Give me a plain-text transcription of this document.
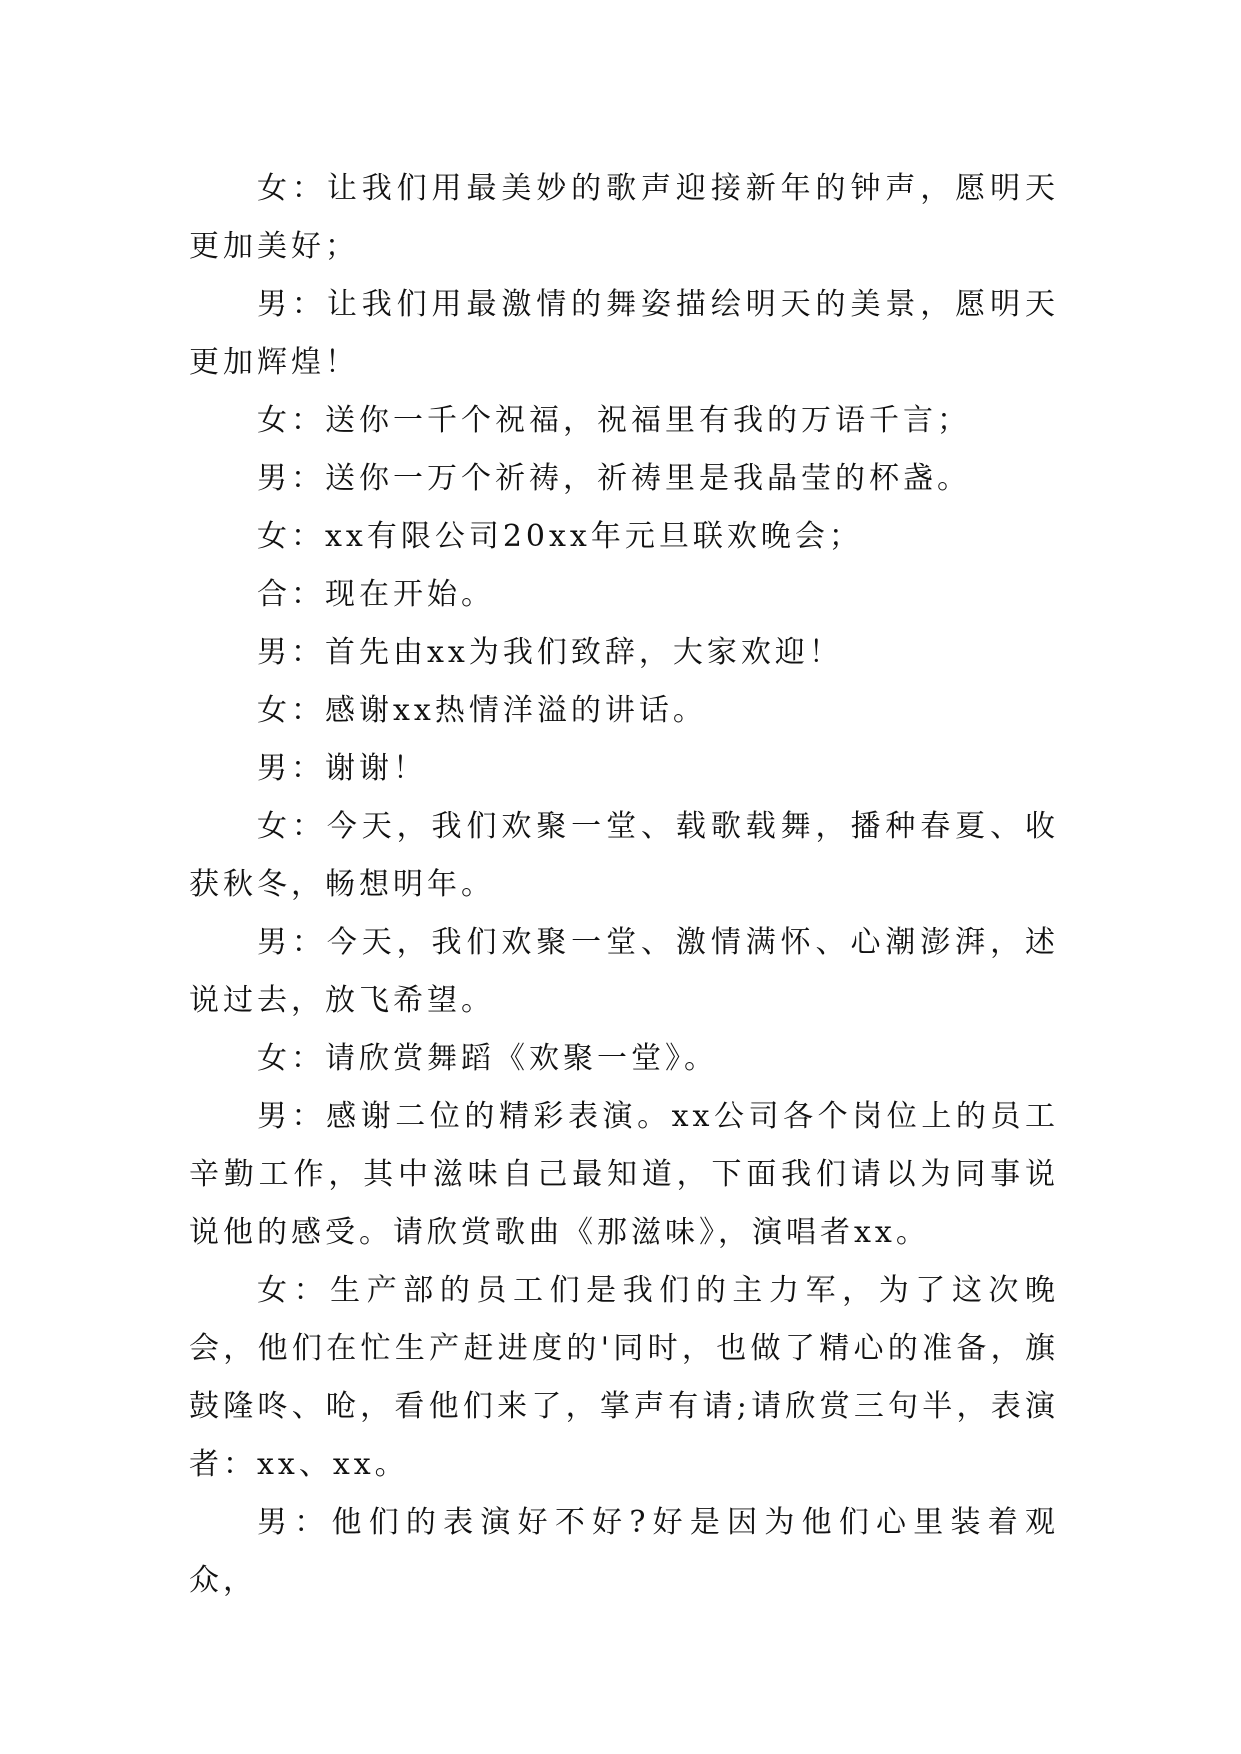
女：让我们用最美妙的歌声迎接新年的钟声，愿明天更加美好；

男：让我们用最激情的舞姿描绘明天的美景，愿明天更加辉煌！

女：送你一千个祝福，祝福里有我的万语千言；

男：送你一万个祈祷，祈祷里是我晶莹的杯盏。

女：xx有限公司20xx年元旦联欢晚会；

合：现在开始。

男：首先由xx为我们致辞，大家欢迎！

女：感谢xx热情洋溢的讲话。

男：谢谢！

女：今天，我们欢聚一堂、载歌载舞，播种春夏、收获秋冬，畅想明年。

男：今天，我们欢聚一堂、激情满怀、心潮澎湃，述说过去，放飞希望。

女：请欣赏舞蹈《欢聚一堂》。

男：感谢二位的精彩表演。xx公司各个岗位上的员工辛勤工作，其中滋味自己最知道，下面我们请以为同事说说他的感受。请欣赏歌曲《那滋味》，演唱者xx。

女：生产部的员工们是我们的主力军，为了这次晚会，他们在忙生产赶进度的'同时，也做了精心的准备，旗鼓隆咚、呛，看他们来了，掌声有请;请欣赏三句半，表演者：xx、xx。

男：他们的表演好不好?好是因为他们心里装着观众，
